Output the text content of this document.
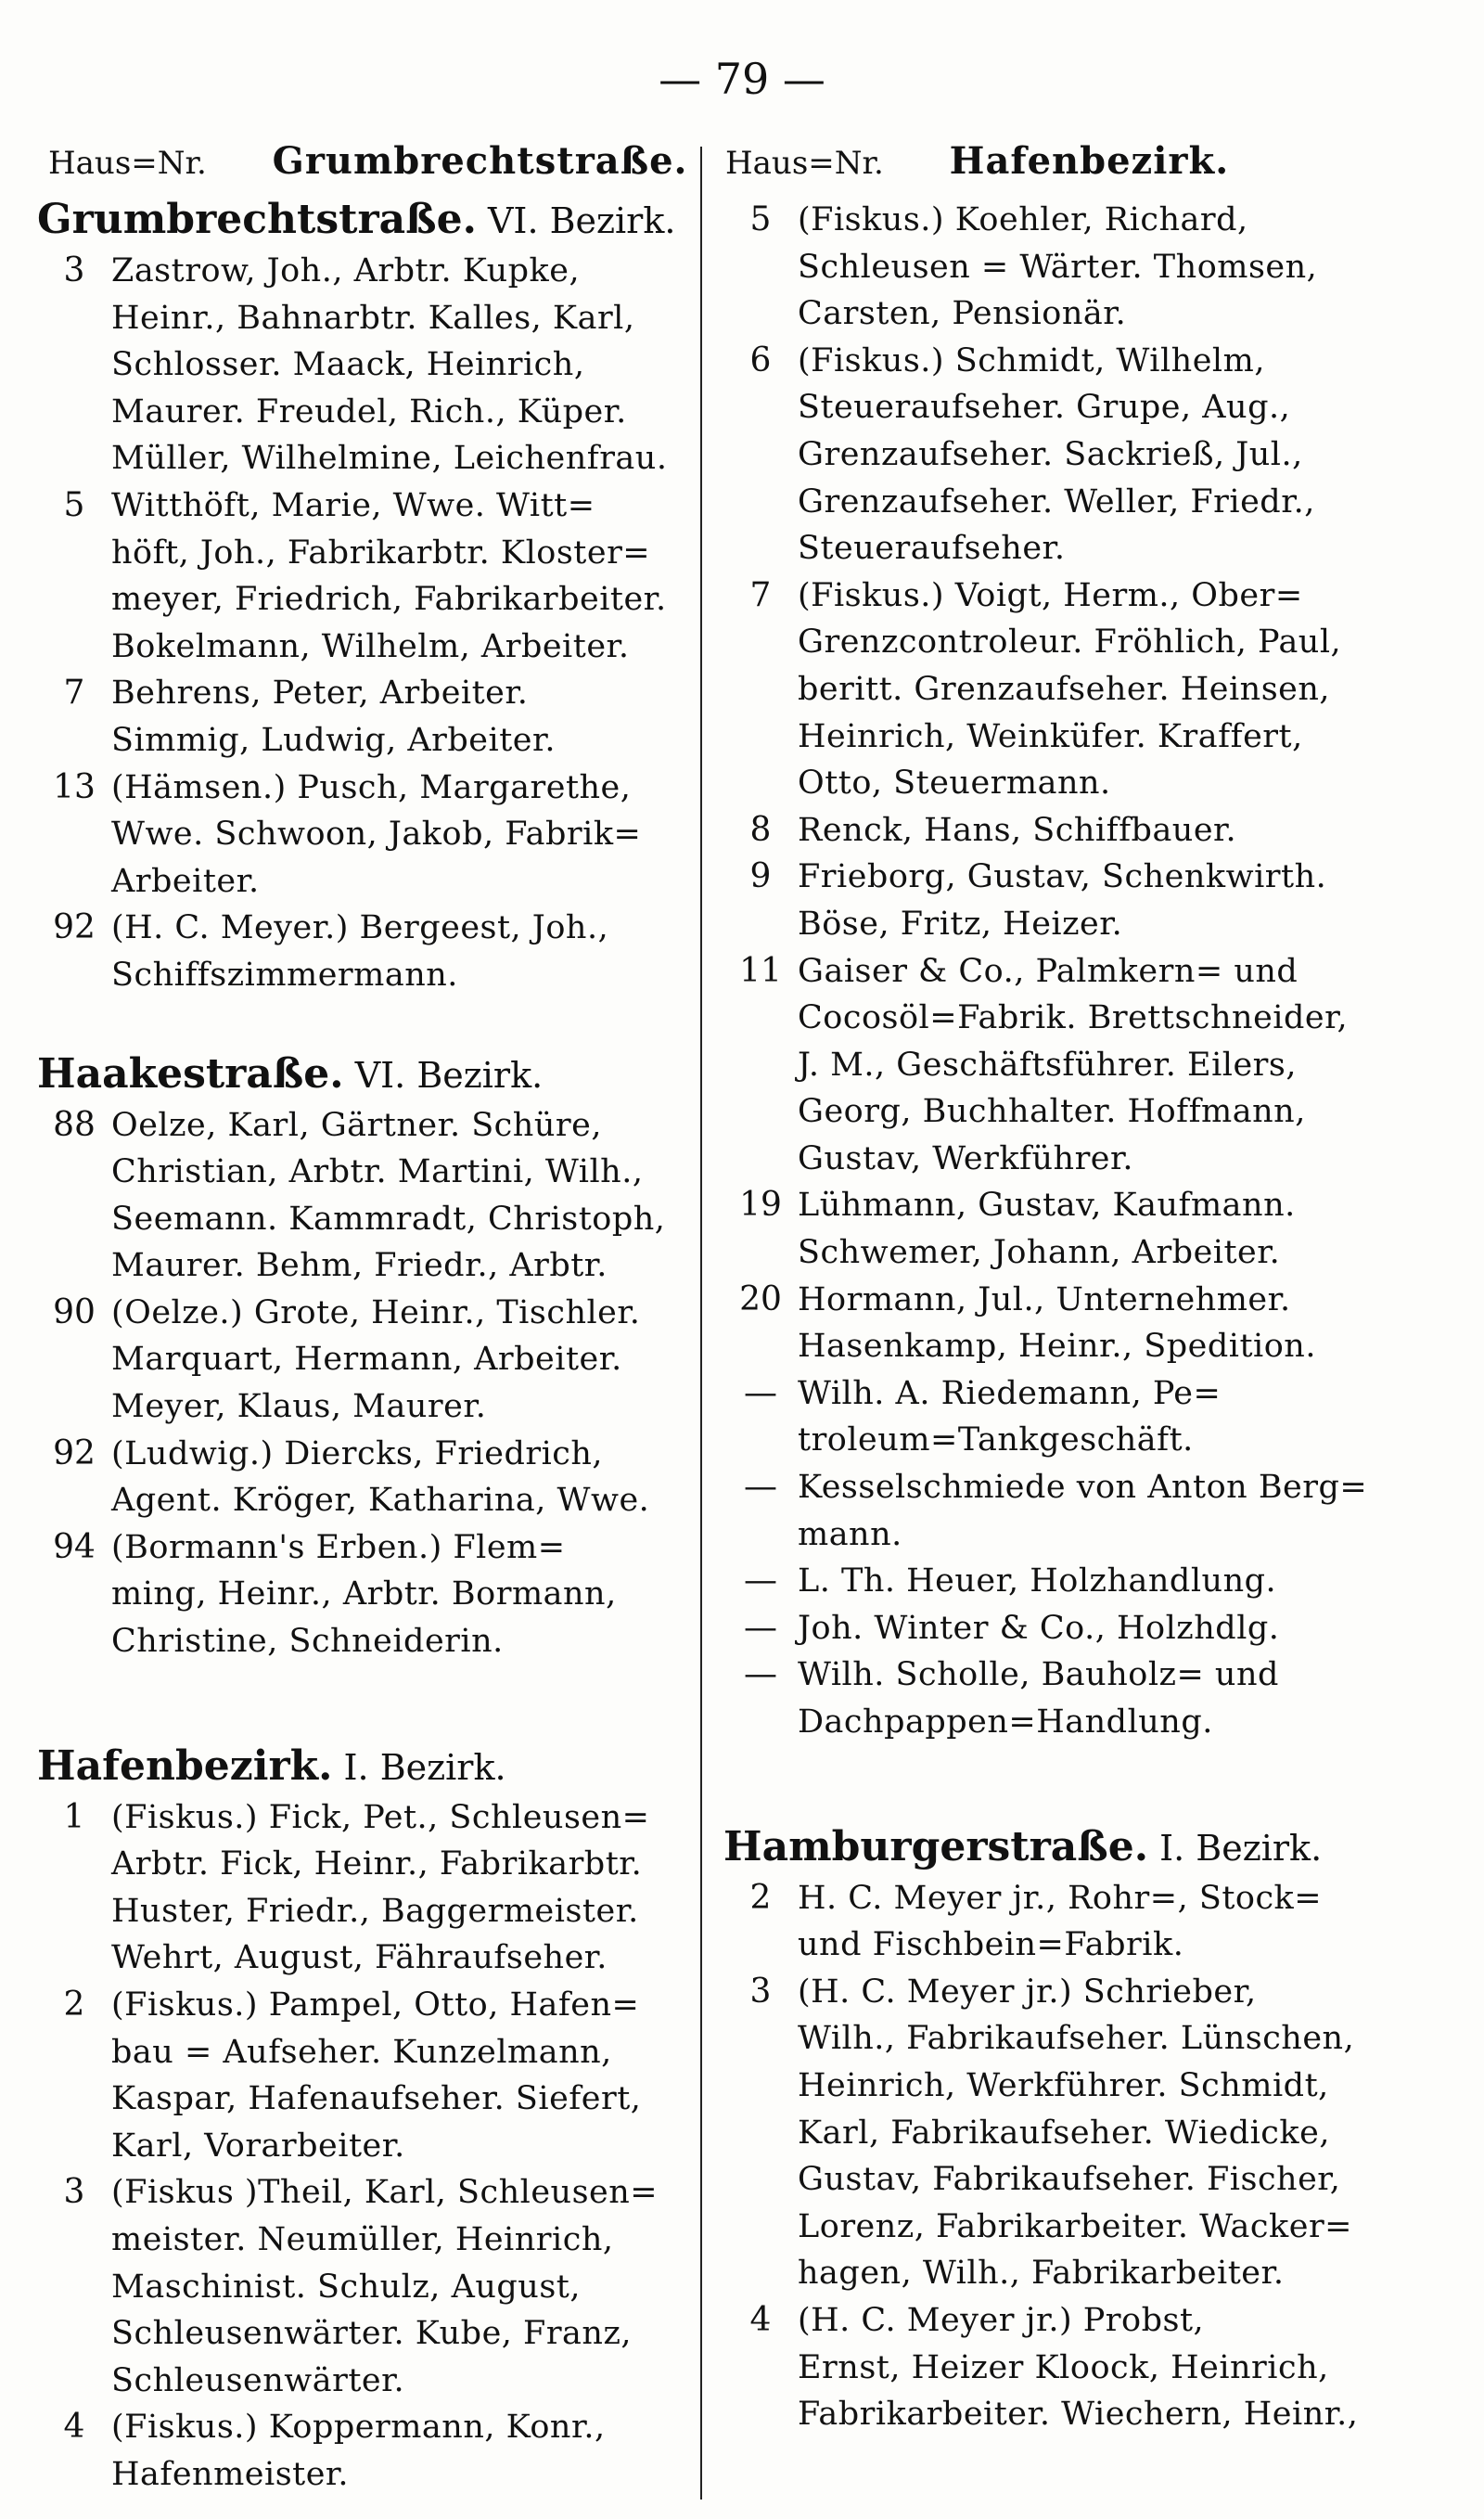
— 79 —
Haus=Nr. Grumbrechtstraße. Haus=Nr. Hafenbezirk.
Grumbrechtstraße. VI. Bezirk.
3 Zastrow, Joh., Arbtr. Kupke,
Heinr., Bahnarbtr. Kalles, Karl,
Schlosser. Maack, Heinrich,
Maurer. Freudel, Rich., Küper.
Müller, Wilhelmine, Leichenfrau.
5 Witthöft, Marie, Wwe. Witt=
höft, Joh., Fabrikarbtr. Kloster=
meyer, Friedrich, Fabrikarbeiter.
Bokelmann, Wilhelm, Arbeiter.
7 Behrens, Peter, Arbeiter.
Simmig, Ludwig, Arbeiter.
13 (Hämsen.) Pusch, Margarethe,
Wwe. Schwoon, Jakob, Fabrik=
Arbeiter.
92 (H. C. Meyer.) Bergeest, Joh.,
Schiffszimmermann.
Haakestraße. VI. Bezirk.
88 Oelze, Karl, Gärtner. Schüre,
Christian, Arbtr. Martini, Wilh.,
Seemann. Kammradt, Christoph,
Maurer. Behm, Friedr., Arbtr.
90 (Oelze.) Grote, Heinr., Tischler.
Marquart, Hermann, Arbeiter.
Meyer, Klaus, Maurer.
92 (Ludwig.) Diercks, Friedrich,
Agent. Kröger, Katharina, Wwe.
94 (Bormann's Erben.) Flem=
ming, Heinr., Arbtr. Bormann,
Christine, Schneiderin.
Hafenbezirk. I. Bezirk.
1 (Fiskus.) Fick, Pet., Schleusen=
Arbtr. Fick, Heinr., Fabrikarbtr.
Huster, Friedr., Baggermeister.
Wehrt, August, Fähraufseher.
2 (Fiskus.) Pampel, Otto, Hafen=
bau = Aufseher. Kunzelmann,
Kaspar, Hafenaufseher. Siefert,
Karl, Vorarbeiter.
3 (Fiskus )Theil, Karl, Schleusen=
meister. Neumüller, Heinrich,
Maschinist. Schulz, August,
Schleusenwärter. Kube, Franz,
Schleusenwärter.
4 (Fiskus.) Koppermann, Konr.,
Hafenmeister.
5 (Fiskus.) Koehler, Richard,
Schleusen = Wärter. Thomsen,
Carsten, Pensionär.
6 (Fiskus.) Schmidt, Wilhelm,
Steueraufseher. Grupe, Aug.,
Grenzaufseher. Sackrieß, Jul.,
Grenzaufseher. Weller, Friedr.,
Steueraufseher.
7 (Fiskus.) Voigt, Herm., Ober=
Grenzcontroleur. Fröhlich, Paul,
beritt. Grenzaufseher. Heinsen,
Heinrich, Weinküfer. Kraffert,
Otto, Steuermann.
8 Renck, Hans, Schiffbauer.
9 Frieborg, Gustav, Schenkwirth.
Böse, Fritz, Heizer.
11 Gaiser & Co., Palmkern= und
Cocosöl=Fabrik. Brettschneider,
J. M., Geschäftsführer. Eilers,
Georg, Buchhalter. Hoffmann,
Gustav, Werkführer.
19 Lühmann, Gustav, Kaufmann.
Schwemer, Johann, Arbeiter.
20 Hormann, Jul., Unternehmer.
Hasenkamp, Heinr., Spedition.
— Wilh. A. Riedemann, Pe=
troleum=Tankgeschäft.
— Kesselschmiede von Anton Berg=
mann.
— L. Th. Heuer, Holzhandlung.
— Joh. Winter & Co., Holzhdlg.
— Wilh. Scholle, Bauholz= und
Dachpappen=Handlung.
Hamburgerstraße. I. Bezirk.
2 H. C. Meyer jr., Rohr=, Stock=
und Fischbein=Fabrik.
3 (H. C. Meyer jr.) Schrieber,
Wilh., Fabrikaufseher. Lünschen,
Heinrich, Werkführer. Schmidt,
Karl, Fabrikaufseher. Wiedicke,
Gustav, Fabrikaufseher. Fischer,
Lorenz, Fabrikarbeiter. Wacker=
hagen, Wilh., Fabrikarbeiter.
4 (H. C. Meyer jr.) Probst,
Ernst, Heizer Kloock, Heinrich,
Fabrikarbeiter. Wiechern, Heinr.,
